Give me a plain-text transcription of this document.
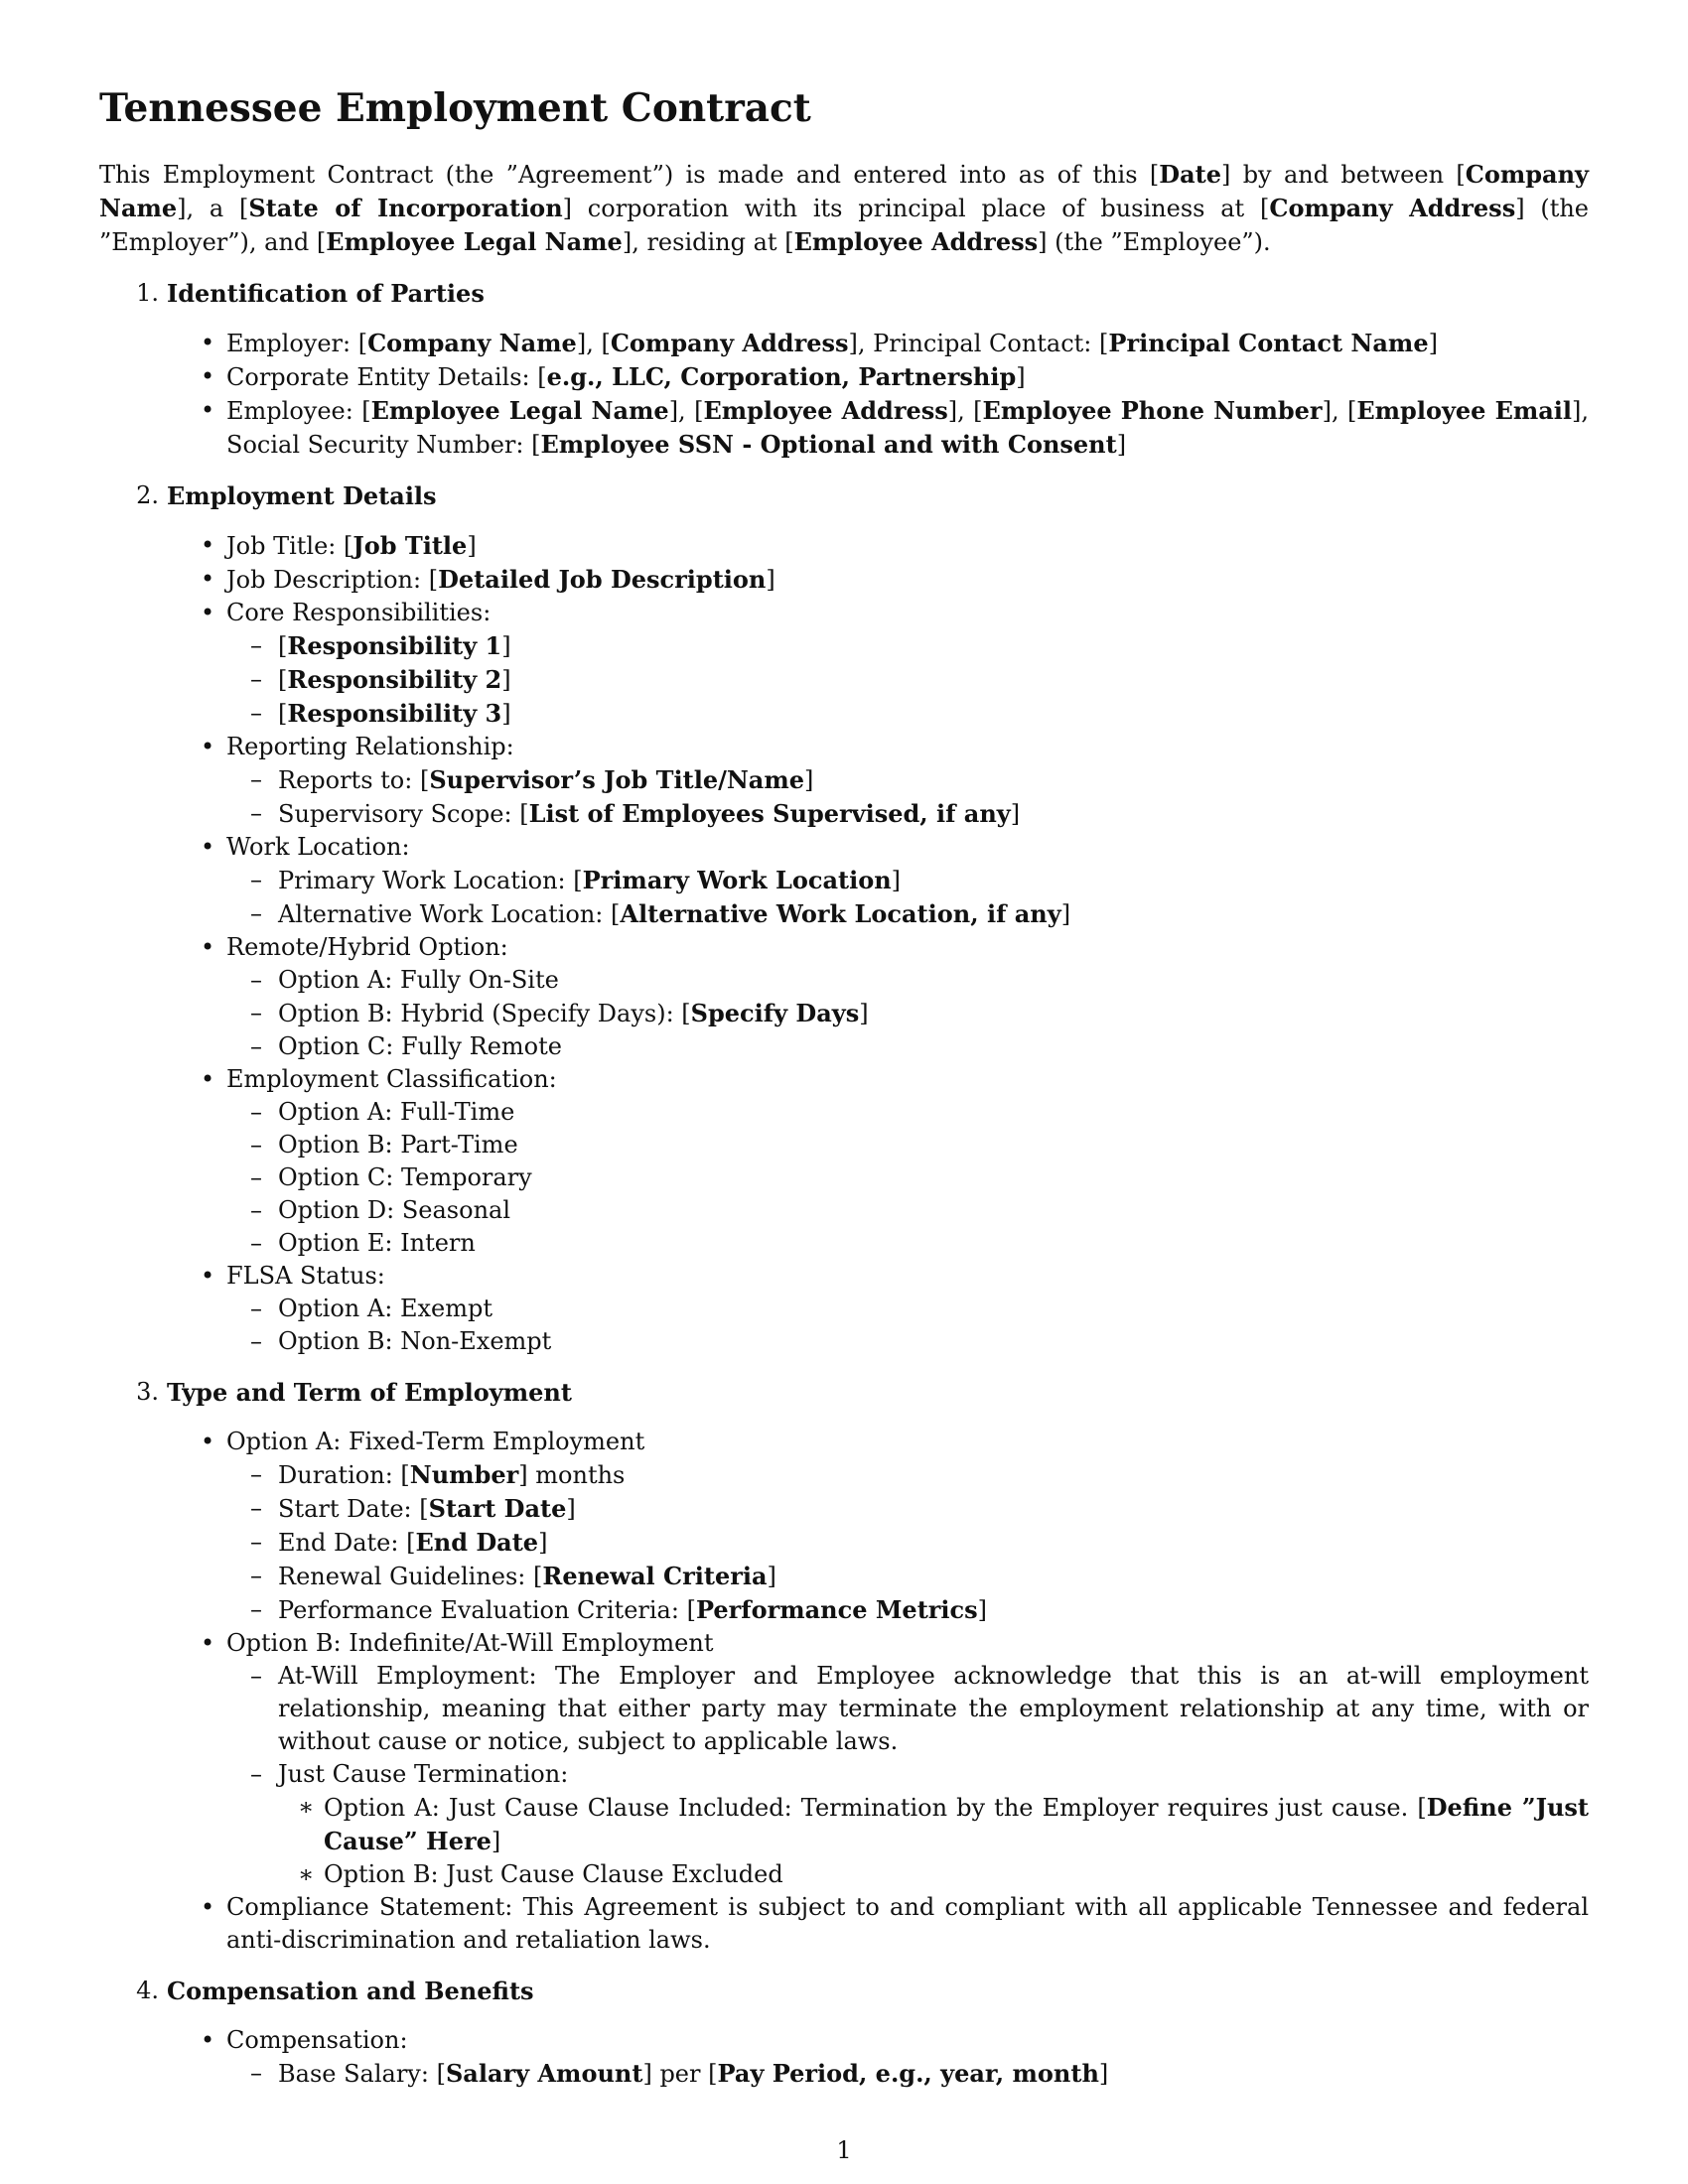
Tennessee Employment Contract

This Employment Contract (the ”Agreement”) is made and entered into as of this [Date] by and between [Company Name], a [State of Incorporation] corporation with its principal place of business at [Company Address] (the ”Employer”), and [Employee Legal Name], residing at [Employee Address] (the ”Employee”).

1. Identification of Parties
• Employer: [Company Name], [Company Address], Principal Contact: [Principal Contact Name]
• Corporate Entity Details: [e.g., LLC, Corporation, Partnership]
• Employee: [Employee Legal Name], [Employee Address], [Employee Phone Number], [Employee Email], Social Security Number: [Employee SSN - Optional and with Consent]
2. Employment Details
• Job Title: [Job Title]
• Job Description: [Detailed Job Description]
• Core Responsibilities:
– [Responsibility 1]
– [Responsibility 2]
– [Responsibility 3]
• Reporting Relationship:
– Reports to: [Supervisor’s Job Title/Name]
– Supervisory Scope: [List of Employees Supervised, if any]
• Work Location:
– Primary Work Location: [Primary Work Location]
– Alternative Work Location: [Alternative Work Location, if any]
• Remote/Hybrid Option:
– Option A: Fully On-Site
– Option B: Hybrid (Specify Days): [Specify Days]
– Option C: Fully Remote
• Employment Classification:
– Option A: Full-Time
– Option B: Part-Time
– Option C: Temporary
– Option D: Seasonal
– Option E: Intern
• FLSA Status:
– Option A: Exempt
– Option B: Non-Exempt
3. Type and Term of Employment
• Option A: Fixed-Term Employment
– Duration: [Number] months
– Start Date: [Start Date]
– End Date: [End Date]
– Renewal Guidelines: [Renewal Criteria]
– Performance Evaluation Criteria: [Performance Metrics]
• Option B: Indefinite/At-Will Employment
– At-Will Employment: The Employer and Employee acknowledge that this is an at-will employment relationship, meaning that either party may terminate the employment relationship at any time, with or without cause or notice, subject to applicable laws.
– Just Cause Termination:
∗ Option A: Just Cause Clause Included: Termination by the Employer requires just cause. [Define ”Just Cause” Here]
∗ Option B: Just Cause Clause Excluded
• Compliance Statement: This Agreement is subject to and compliant with all applicable Tennessee and federal anti-discrimination and retaliation laws.
4. Compensation and Benefits
• Compensation:
– Base Salary: [Salary Amount] per [Pay Period, e.g., year, month]
1
